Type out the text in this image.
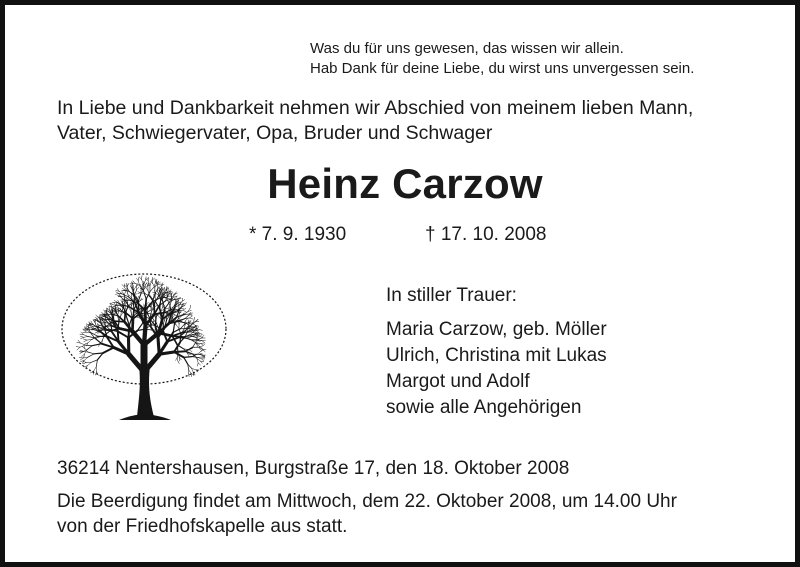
Was du für uns gewesen, das wissen wir allein.
Hab Dank für deine Liebe, du wirst uns unvergessen sein.
In Liebe und Dankbarkeit nehmen wir Abschied von meinem lieben Mann,
Vater, Schwiegervater, Opa, Bruder und Schwager
Heinz Carzow
* 7. 9. 1930	† 17. 10. 2008
In stiller Trauer:
Maria Carzow, geb. Möller
Ulrich, Christina mit Lukas
Margot und Adolf
sowie alle Angehörigen
36214 Nentershausen, Burgstraße 17, den 18. Oktober 2008
Die Beerdigung findet am Mittwoch, dem 22. Oktober 2008, um 14.00 Uhr
von der Friedhofskapelle aus statt.
